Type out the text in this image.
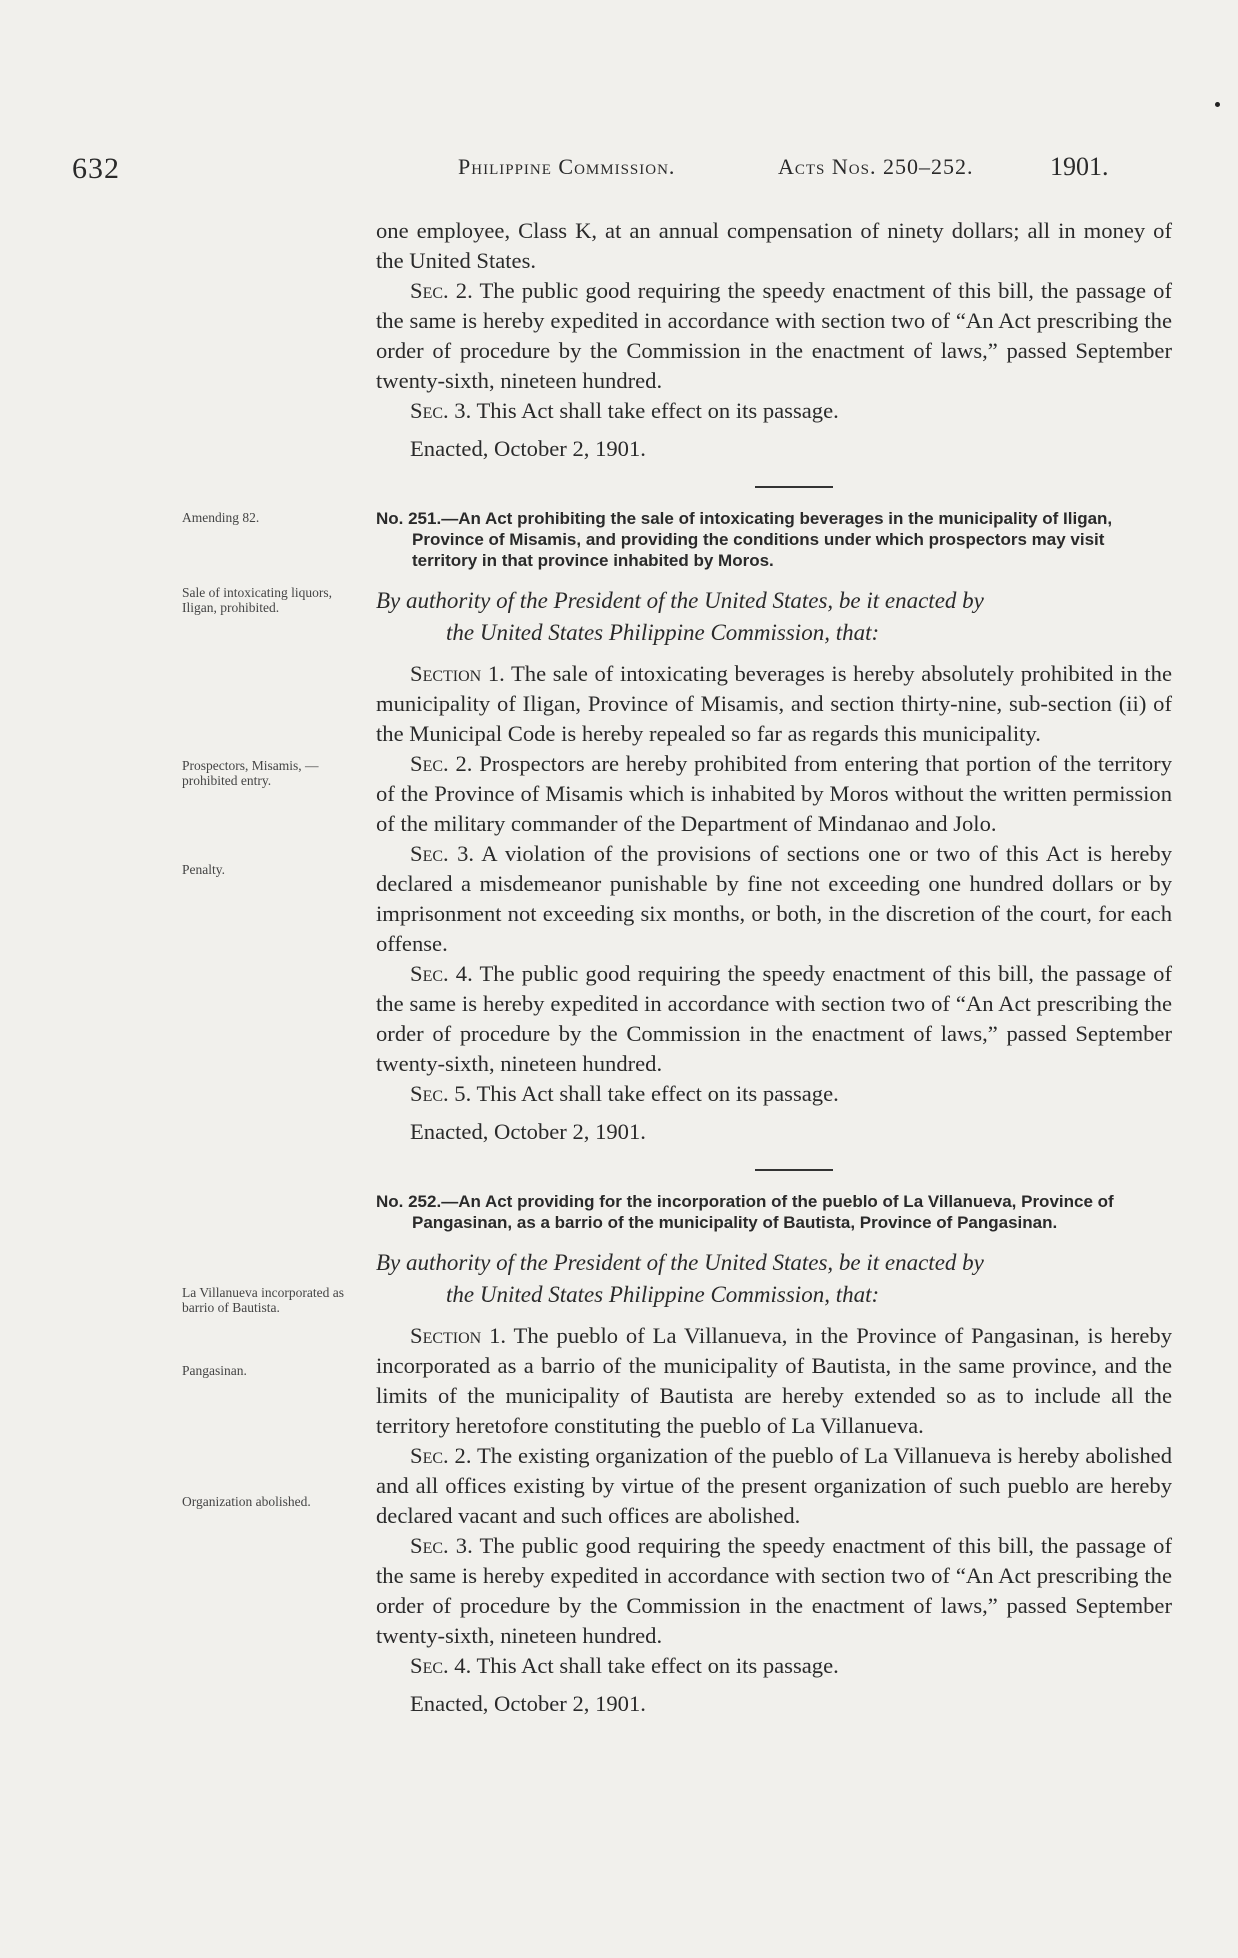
632	Philippine Commission.	Acts Nos. 250–252.	1901.
Amending 82.
Sale of intoxicating liquors, Iligan, prohibited.
Prospectors, Misamis, — prohibited entry.
Penalty.
La Villanueva incorporated as barrio of Bautista.
Pangasinan.
Organization abolished.

one employee, Class K, at an annual compensation of ninety dollars; all in money of the United States.

Sec. 2. The public good requiring the speedy enactment of this bill, the passage of the same is hereby expedited in accordance with section two of “An Act prescribing the order of procedure by the Commission in the enactment of laws,” passed September twenty-sixth, nineteen hundred.

Sec. 3. This Act shall take effect on its passage.

Enacted, October 2, 1901.

No. 251.—An Act prohibiting the sale of intoxicating beverages in the municipality of Iligan, Province of Misamis, and providing the conditions under which prospectors may visit territory in that province inhabited by Moros.

By authority of the President of the United States, be it enacted by
the United States Philippine Commission, that:

Section 1. The sale of intoxicating beverages is hereby absolutely prohibited in the municipality of Iligan, Province of Misamis, and section thirty-nine, sub-section (ii) of the Municipal Code is hereby repealed so far as regards this municipality.

Sec. 2. Prospectors are hereby prohibited from entering that portion of the territory of the Province of Misamis which is inhabited by Moros without the written permission of the military commander of the Department of Mindanao and Jolo.

Sec. 3. A violation of the provisions of sections one or two of this Act is hereby declared a misdemeanor punishable by fine not exceeding one hundred dollars or by imprisonment not exceeding six months, or both, in the discretion of the court, for each offense.

Sec. 4. The public good requiring the speedy enactment of this bill, the passage of the same is hereby expedited in accordance with section two of “An Act prescribing the order of procedure by the Commission in the enactment of laws,” passed September twenty-sixth, nineteen hundred.

Sec. 5. This Act shall take effect on its passage.

Enacted, October 2, 1901.

No. 252.—An Act providing for the incorporation of the pueblo of La Villanueva, Province of Pangasinan, as a barrio of the municipality of Bautista, Province of Pangasinan.

By authority of the President of the United States, be it enacted by
the United States Philippine Commission, that:

Section 1. The pueblo of La Villanueva, in the Province of Pangasinan, is hereby incorporated as a barrio of the municipality of Bautista, in the same province, and the limits of the municipality of Bautista are hereby extended so as to include all the territory heretofore constituting the pueblo of La Villanueva.

Sec. 2. The existing organization of the pueblo of La Villanueva is hereby abolished and all offices existing by virtue of the present organization of such pueblo are hereby declared vacant and such offices are abolished.

Sec. 3. The public good requiring the speedy enactment of this bill, the passage of the same is hereby expedited in accordance with section two of “An Act prescribing the order of procedure by the Commission in the enactment of laws,” passed September twenty-sixth, nineteen hundred.

Sec. 4. This Act shall take effect on its passage.

Enacted, October 2, 1901.
